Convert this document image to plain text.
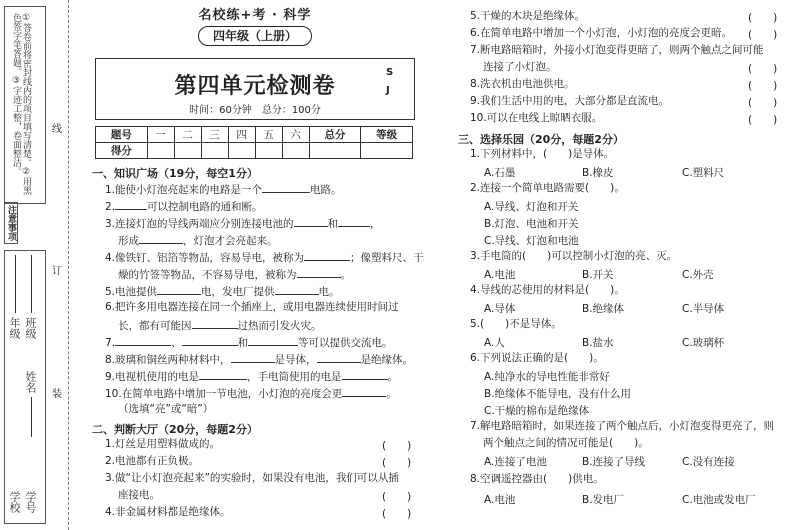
①答卷前将密封线内的项目填写清楚。②用黑色签字笔答题。③字迹工整，卷面整洁。
注意事项
年级 班级
姓名
学校 学号
线
订
装
名校练+考 · 科学
四年级（上册）
第四单元检测卷
S
J
时间：60分钟　总分：100分
题号	一	二	三	四	五	六	总分	等级
得分								
一、知识广场（19分，每空1分）
1.能使小灯泡亮起来的电路是一个	电路。
2.	可以控制电路的通和断。
3.连接灯泡的导线两端应分别连接电池的	和	，
形成	，灯泡才会亮起来。
4.像铁钉、铝箔等物品，容易导电，被称为	；像塑料尺、干
燥的竹签等物品，不容易导电，被称为	。
5.电池提供	电，发电厂提供	电。
6.把许多用电器连接在同一个插座上，或用电器连续使用时间过
长，都有可能因	过热而引发火灾。
7.	、	和	等可以提供交流电。
8.玻璃和铜丝两种材料中，	是导体，	是绝缘体。
9.电视机使用的电是	，手电筒使用的电是	。
10.在简单电路中增加一节电池，小灯泡的亮度会更	。
（选填“亮”或“暗”）
二、判断大厅（20分，每题2分）
1.灯丝是用塑料做成的。	(　　)
2.电池都有正负极。	(　　)
3.做“让小灯泡亮起来”的实验时，如果没有电池，我们可以从插
座接电。	(　　)
4.非金属材料都是绝缘体。	(　　)
5.干燥的木块是绝缘体。	(　　)
6.在简单电路中增加一个小灯泡，小灯泡的亮度会更暗。 (　　)
7.断电路暗箱时，外接小灯泡变得更暗了，则两个触点之间可能
连接了小灯泡。	(　　)
8.洗衣机由电池供电。	(　　)
9.我们生活中用的电，大部分都是直流电。	(　　)
10.可以在电线上晾晒衣服。	(　　)
三、选择乐园（20分，每题2分）
1.下列材料中，(　　)是导体。
A.石墨	B.橡皮	C.塑料尺
2.连接一个简单电路需要(　　)。
A.导线、灯泡和开关
B.灯泡、电池和开关
C.导线、灯泡和电池
3.手电筒的(　　)可以控制小灯泡的亮、灭。
A.电池	B.开关	C.外壳
4.导线的芯使用的材料是(　　)。
A.导体	B.绝缘体	C.半导体
5.(　　)不是导体。
A.人	B.盐水	C.玻璃杯
6.下列说法正确的是(　　)。
A.纯净水的导电性能非常好
B.绝缘体不能导电，没有什么用
C.干燥的棉布是绝缘体
7.解电路暗箱时，如果连接了两个触点后，小灯泡变得更亮了，则
两个触点之间的情况可能是(　　)。
A.连接了电池	B.连接了导线	C.没有连接
8.空调遥控器由(　　)供电。
A.电池	B.发电厂	C.电池或发电厂
